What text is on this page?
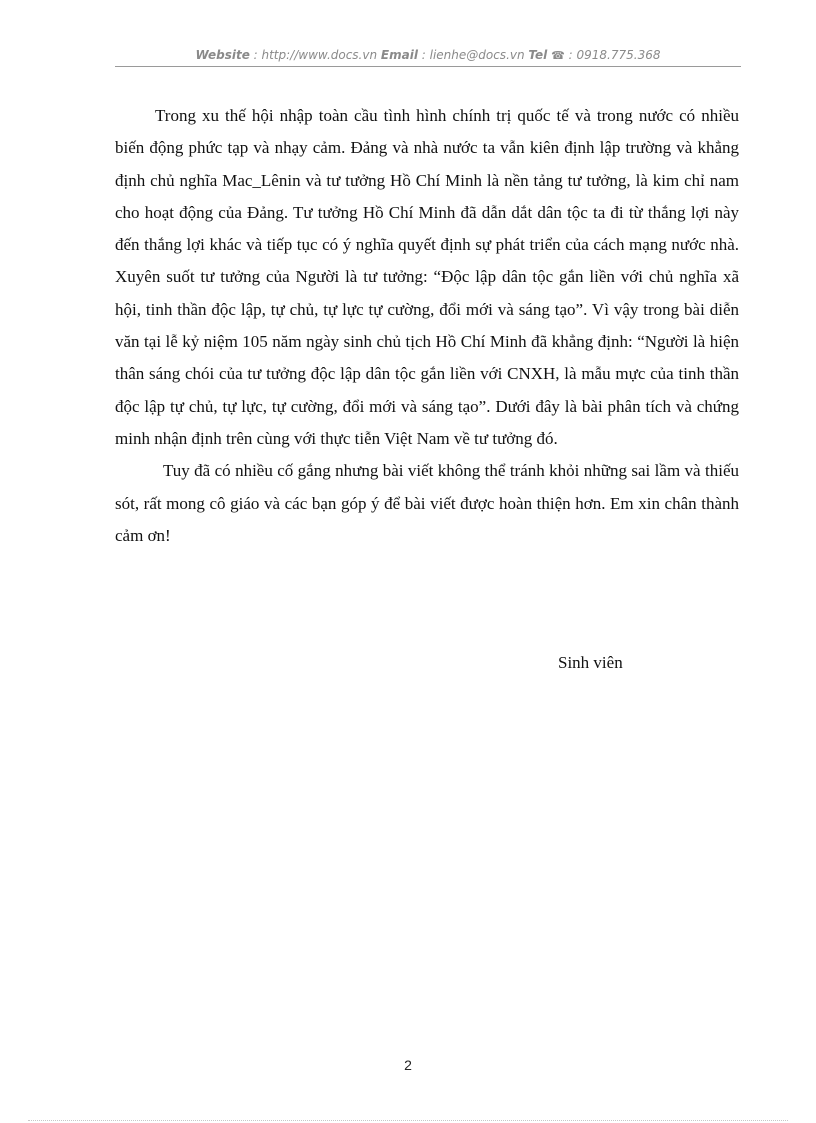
Website : http://www.docs.vn Email : lienhe@docs.vn Tel ☎ : 0918.775.368

Trong xu thế hội nhập toàn cầu tình hình chính trị quốc tế và trong nước có nhiều biến động phức tạp và nhạy cảm. Đảng và nhà nước ta vẫn kiên định lập trường và khẳng định chủ nghĩa Mac_Lênin và tư tưởng Hồ Chí Minh là nền tảng tư tưởng, là kim chỉ nam cho hoạt động của Đảng. Tư tưởng Hồ Chí Minh đã dẫn dắt dân tộc ta đi từ thắng lợi này đến thắng lợi khác và tiếp tục có ý nghĩa quyết định sự phát triển của cách mạng nước nhà. Xuyên suốt tư tưởng của Người là tư tưởng: “Độc lập dân tộc gắn liền với chủ nghĩa xã hội, tinh thần độc lập, tự chủ, tự lực tự cường, đổi mới và sáng tạo”. Vì vậy trong bài diễn văn tại lễ kỷ niệm 105 năm ngày sinh chủ tịch Hồ Chí Minh đã khẳng định: “Người là hiện thân sáng chói của tư tưởng độc lập dân tộc gắn liền với CNXH, là mẫu mực của tinh thần độc lập tự chủ, tự lực, tự cường, đổi mới và sáng tạo”. Dưới đây là bài phân tích và chứng minh nhận định trên cùng với thực tiễn Việt Nam về tư tưởng đó.

Tuy đã có nhiều cố gắng nhưng bài viết không thể tránh khỏi những sai lầm và thiếu sót, rất mong cô giáo và các bạn góp ý để bài viết được hoàn thiện hơn. Em xin chân thành cảm ơn!

Sinh viên
2
